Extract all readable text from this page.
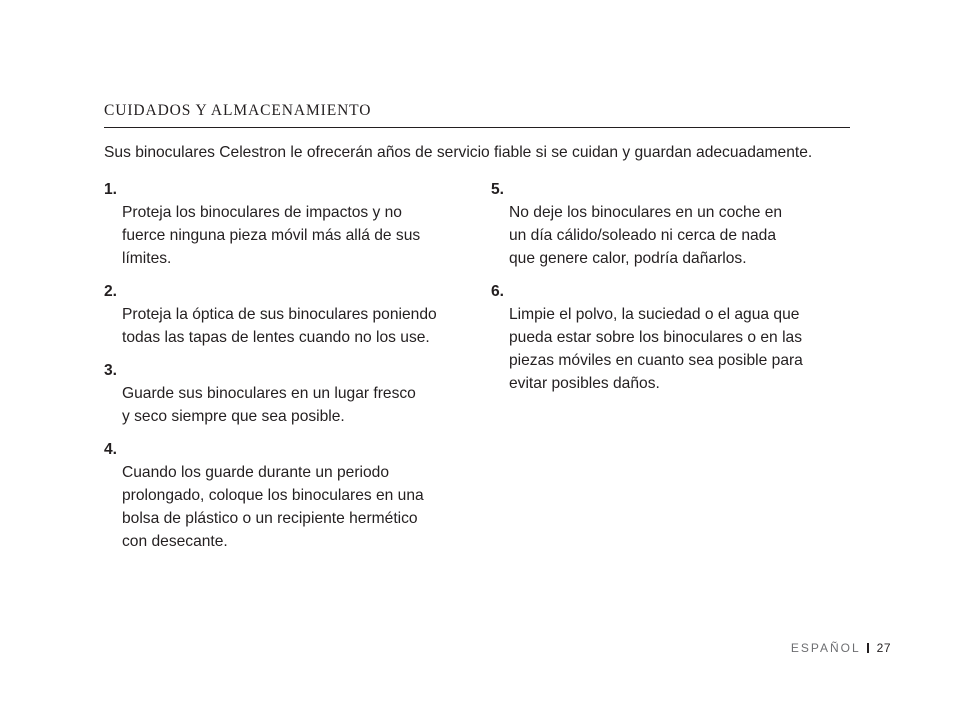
CUIDADOS Y ALMACENAMIENTO

Sus binoculares Celestron le ofrecerán años de servicio fiable si se cuidan y guardan adecuadamente.

1.
Proteja los binoculares de impactos y no
fuerce ninguna pieza móvil más allá de sus
límites.

2.
Proteja la óptica de sus binoculares poniendo
todas las tapas de lentes cuando no los use.

3.
Guarde sus binoculares en un lugar fresco
y seco siempre que sea posible.

4.
Cuando los guarde durante un periodo
prolongado, coloque los binoculares en una
bolsa de plástico o un recipiente hermético
con desecante.

5.
No deje los binoculares en un coche en
un día cálido/soleado ni cerca de nada
que genere calor, podría dañarlos.

6.
Limpie el polvo, la suciedad o el agua que
pueda estar sobre los binoculares o en las
piezas móviles en cuanto sea posible para
evitar posibles daños.

ESPAÑOL 27
